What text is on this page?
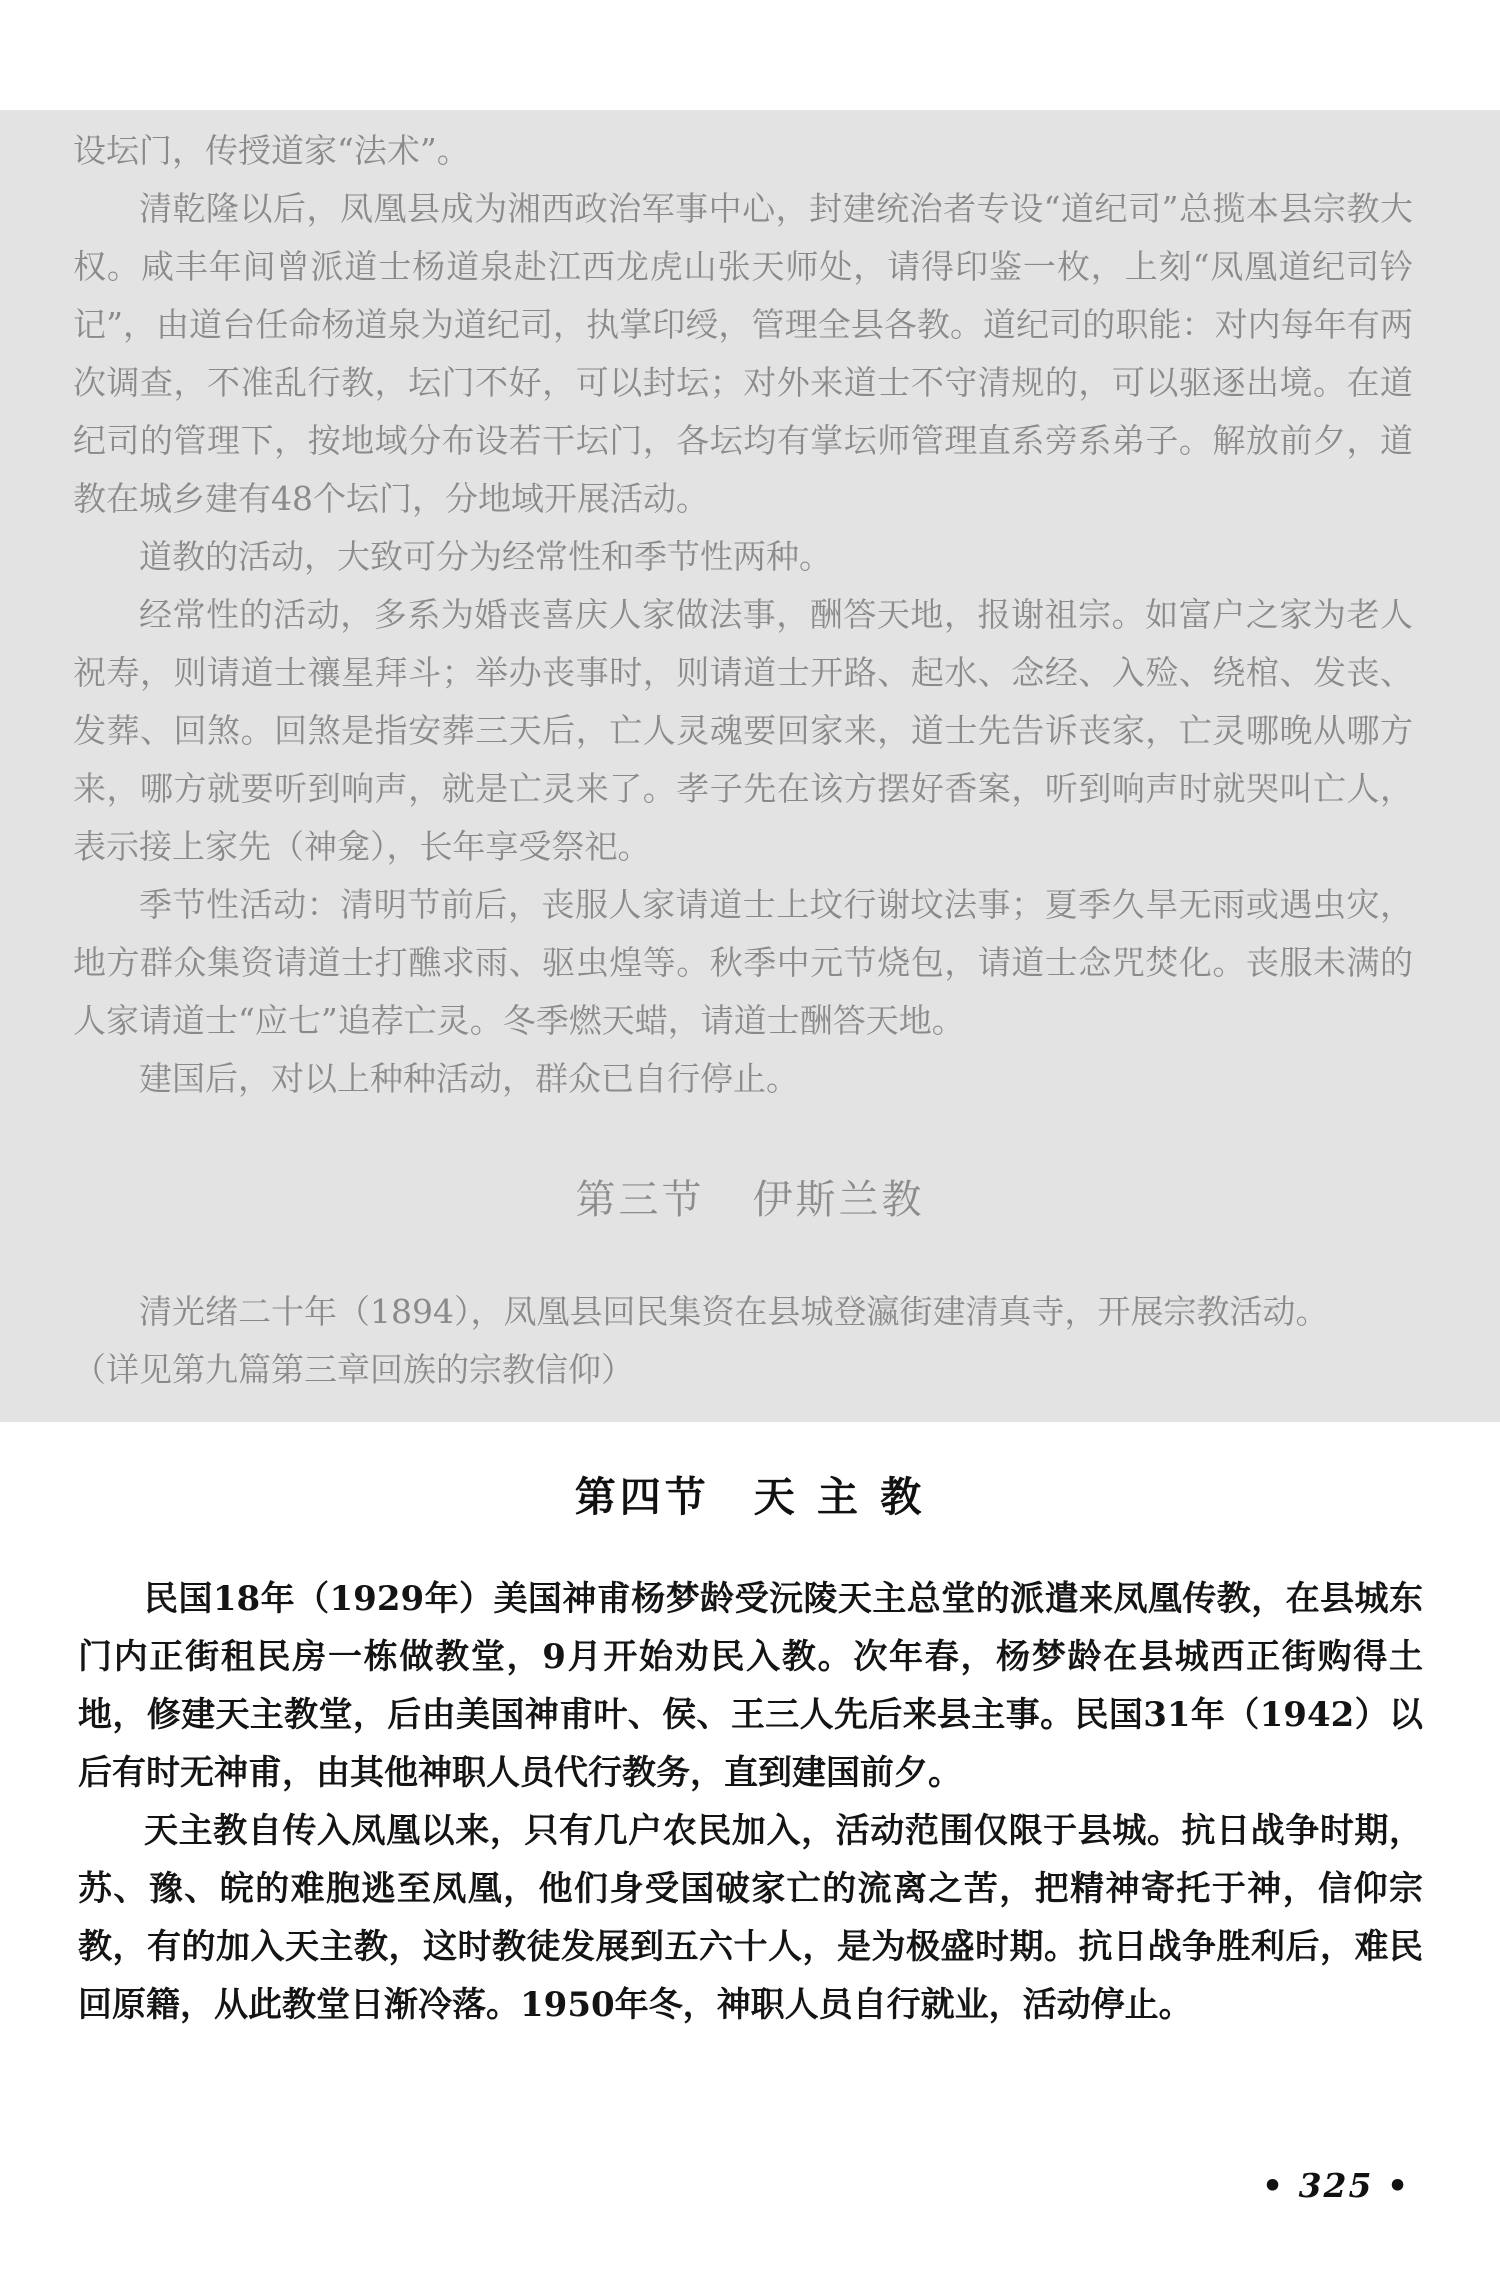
设坛门，传授道家“法术”。

清乾隆以后，凤凰县成为湘西政治军事中心，封建统治者专设“道纪司”总揽本县宗教大权。咸丰年间曾派道士杨道泉赴江西龙虎山张天师处，请得印鉴一枚，上刻“凤凰道纪司钤记”，由道台任命杨道泉为道纪司，执掌印绶，管理全县各教。道纪司的职能：对内每年有两次调查，不准乱行教，坛门不好，可以封坛；对外来道士不守清规的，可以驱逐出境。在道纪司的管理下，按地域分布设若干坛门，各坛均有掌坛师管理直系旁系弟子。解放前夕，道教在城乡建有48个坛门，分地域开展活动。

道教的活动，大致可分为经常性和季节性两种。

经常性的活动，多系为婚丧喜庆人家做法事，酬答天地，报谢祖宗。如富户之家为老人祝寿，则请道士禳星拜斗；举办丧事时，则请道士开路、起水、念经、入殓、绕棺、发丧、发葬、回煞。回煞是指安葬三天后，亡人灵魂要回家来，道士先告诉丧家，亡灵哪晚从哪方来，哪方就要听到响声，就是亡灵来了。孝子先在该方摆好香案，听到响声时就哭叫亡人，表示接上家先（神龛），长年享受祭祀。

季节性活动：清明节前后，丧服人家请道士上坟行谢坟法事；夏季久旱无雨或遇虫灾，地方群众集资请道士打醮求雨、驱虫煌等。秋季中元节烧包，请道士念咒焚化。丧服未满的人家请道士“应七”追荐亡灵。冬季燃天蜡，请道士酬答天地。

建国后，对以上种种活动，群众已自行停止。

第三节 伊斯兰教

清光绪二十年（1894），凤凰县回民集资在县城登瀛街建清真寺，开展宗教活动。

（详见第九篇第三章回族的宗教信仰）

第四节 天 主 教

民国18年（1929年）美国神甫杨梦龄受沅陵天主总堂的派遣来凤凰传教，在县城东门内正街租民房一栋做教堂，9月开始劝民入教。次年春，杨梦龄在县城西正街购得土地，修建天主教堂，后由美国神甫叶、侯、王三人先后来县主事。民国31年（1942）以后有时无神甫，由其他神职人员代行教务，直到建国前夕。

天主教自传入凤凰以来，只有几户农民加入，活动范围仅限于县城。抗日战争时期，苏、豫、皖的难胞逃至凤凰，他们身受国破家亡的流离之苦，把精神寄托于神，信仰宗教，有的加入天主教，这时教徒发展到五六十人，是为极盛时期。抗日战争胜利后，难民回原籍，从此教堂日渐冷落。1950年冬，神职人员自行就业，活动停止。

• 325 •
